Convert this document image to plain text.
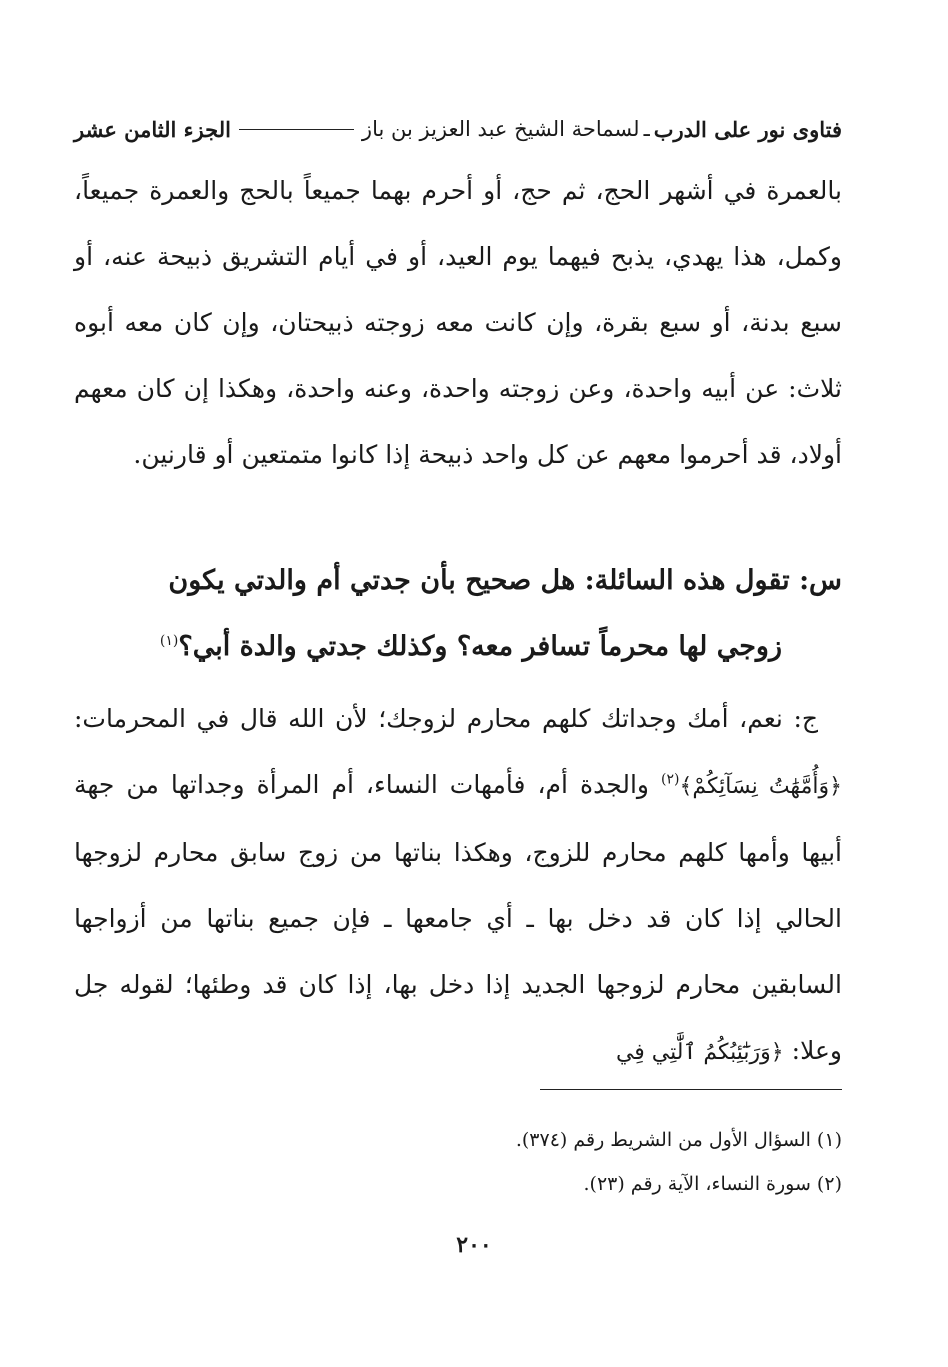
فتاوى نور على الدرب
ـ
لسماحة الشيخ عبد العزيز بن باز
الجزء الثامن عشر
بالعمرة في أشهر الحج، ثم حج، أو أحرم بهما جميعاً بالحج والعمرة جميعاً، وكمل، هذا يهدي، يذبح فيهما يوم العيد، أو في أيام التشريق ذبيحة عنه، أو سبع بدنة، أو سبع بقرة، وإن كانت معه زوجته ذبيحتان، وإن كان معه أبوه ثلاث: عن أبيه واحدة، وعن زوجته واحدة، وعنه واحدة، وهكذا إن كان معهم أولاد، قد أحرموا معهم عن كل واحد ذبيحة إذا كانوا متمتعين أو قارنين.
س: تقول هذه السائلة: هل صحيح بأن جدتي أم والدتي يكون
زوجي لها محرماً تسافر معه؟ وكذلك جدتي والدة أبي؟$^{(١)}$
ج: نعم، أمك وجداتك كلهم محارم لزوجك؛ لأن الله قال في المحرمات: ﴿وَأُمَّهَٰتُ نِسَآئِكُمْ﴾$^{(٢)}$ والجدة أم، فأمهات النساء، أم المرأة وجداتها من جهة أبيها وأمها كلهم محارم للزوج، وهكذا بناتها من زوج سابق محارم لزوجها الحالي إذا كان قد دخل بها ـ أي جامعها ـ فإن جميع بناتها من أزواجها السابقين محارم لزوجها الجديد إذا دخل بها، إذا كان قد وطئها؛ لقوله جل وعلا: ﴿وَرَبَٰٓئِبُكُمُ ٱلَّٰتِي فِي
(١) السؤال الأول من الشريط رقم (٣٧٤).
(٢) سورة النساء، الآية رقم (٢٣).
٢٠٠
